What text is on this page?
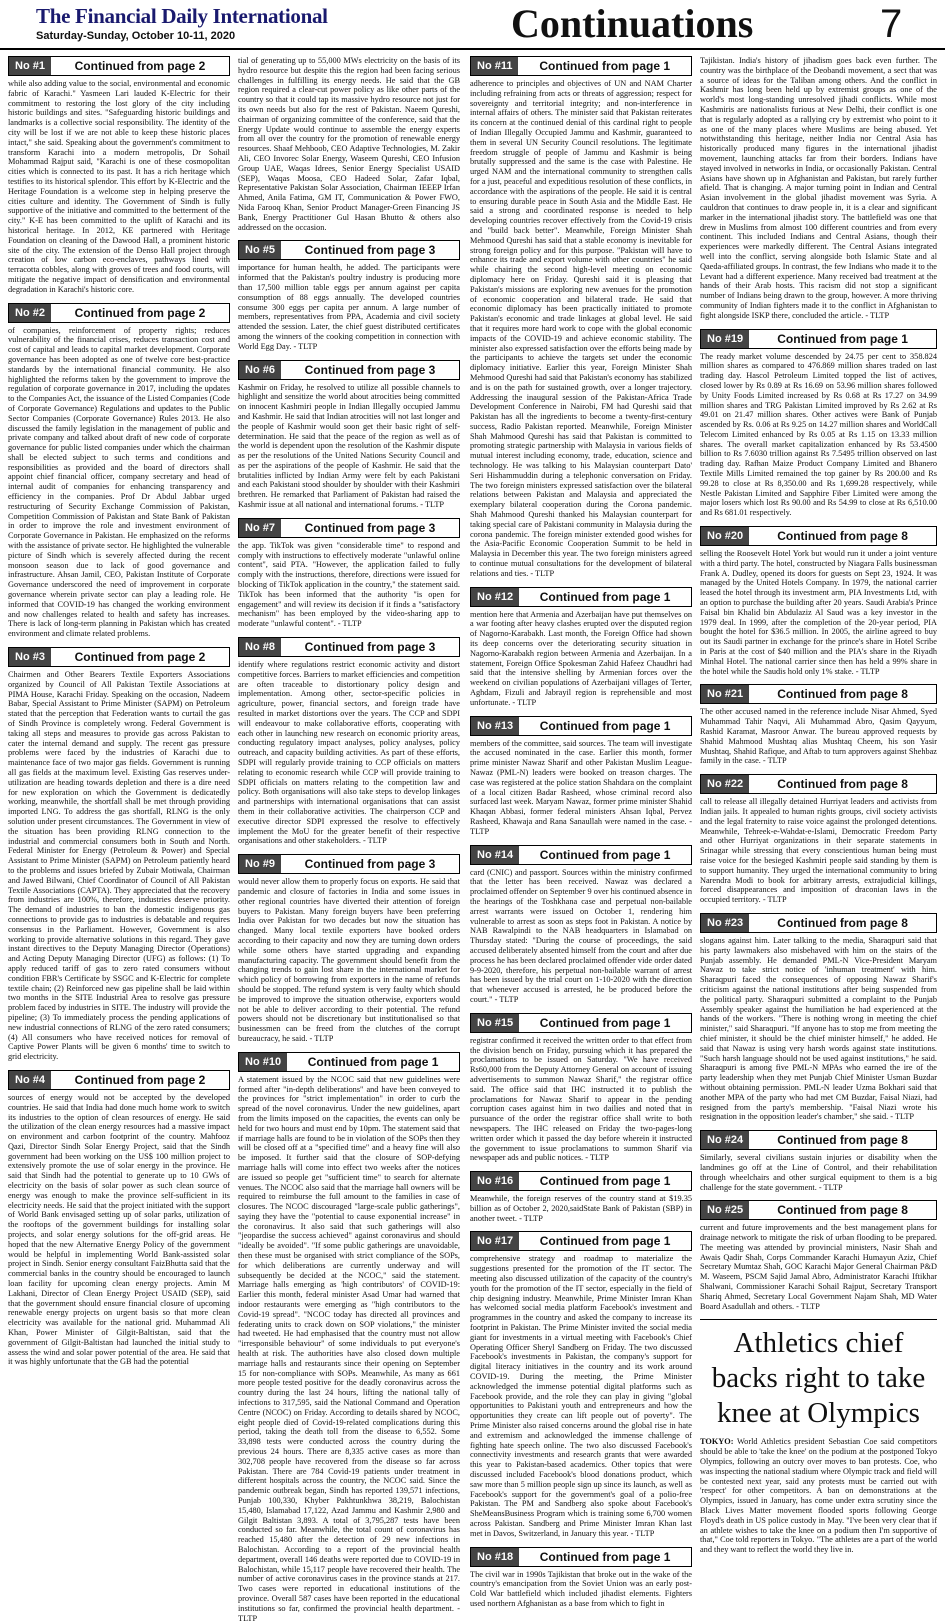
The Financial Daily International
Saturday-Sunday, October 10-11, 2020	Continuations	7
No #1	Continued from page 2
while also adding value to the social, environmental and economic fabric of Karachi." Yasmeen Lari lauded K-Electric for their commitment to restoring the lost glory of the city including historic buildings and sites. "Safeguarding historic buildings and landmarks is a collective social responsibility. The identity of the city will be lost if we are not able to keep these historic places intact," she said. Speaking about the government's commitment to transform Karachi into a modern metropolis, Dr Sohail Mohammad Rajput said, "Karachi is one of these cosmopolitan cities which is connected to its past. It has a rich heritage which testifies to its historical splendor. This effort by K-Electric and the Heritage Foundation is a welcome step in helping preserve the cities culture and identity. The Government of Sindh is fully supportive of the initiative and committed to the betterment of the city." K-E has been committed to the uplift of Karachi and its historical heritage. In 2012, KE partnered with Heritage Foundation on cleaning of the Dawood Hall, a prominent historic site of the city. The extension of the Denso Hall project through creation of low carbon eco-enclaves, pathways lined with terracotta cobbles, along with groves of trees and food courts, will mitigate the negative impact of densification and environmental degradation in Karachi's historic core.
No #2	Continued from page 2
of companies, reinforcement of property rights; reduces vulnerability of the financial crises, reduces transaction cost and cost of capital and leads to capital market development. Corporate governance has been adopted as one of twelve core best-practice standards by the international financial community. He also highlighted the reforms taken by the government to improve the regulation of corporate governance in 2017, including the updates to the Companies Act, the issuance of the Listed Companies (Code of Corporate Governance) Regulations and updates to the Public Sector Companies (Corporate Governance) Rules 2013. He also discussed the family legislation in the management of public and private company and talked about draft of new code of corporate governance for public listed companies under which the chairman shall be elected subject to such terms and conditions and responsibilities as provided and the board of directors shall appoint chief financial officer, company secretary and head of internal audit of companies for enhancing transparency and efficiency in the companies. Prof Dr Abdul Jabbar urged restructuring of Security Exchange Commission of Pakistan, Competition Commission of Pakistan and State Bank of Pakistan in order to improve the role and investment environment of Corporate Governance in Pakistan. He emphasized on the reforms with the assistance of private sector. He highlighted the vulnerable picture of Sindh which is severely affected during the recent monsoon season due to lack of good governance and infrastructure. Ahsan Jamil, CEO, Pakistan Institute of Corporate Governance underscored the need of improvement in corporate governance wherein private sector can play a leading role. He informed that COVID-19 has changed the working environment and now challenges related to health and safety has increases. There is lack of long-term planning in Pakistan which has created environment and climate related problems.
No #3	Continued from page 2
Chairmen and Other Bearers Textile Exporters Associations organized by Council of All Pakistan Textile Associations at PIMA House, Karachi Friday. Speaking on the occasion, Nadeem Babar, Special Assistant to Prime Minister (SAPM) on Petroleum stated that the perception that Federation wants to curtail the gas of Sindh Province is completely wrong. Federal Government is taking all steps and measures to provide gas across Pakistan to cater the internal demand and supply. The recent gas pressure problems were faced by the industries of Karachi due to maintenance face of two major gas fields. Government is running all gas fields at the maximum level. Existing Gas reserves under-utilization are heading towards depletion and there is a dire need for new exploration on which the Government is dedicatedly working, meanwhile, the shortfall shall be met through providing imported LNG. To address the gas shortfall, RLNG is the only solution under present circumstances. The Government in view of the situation has been providing RLNG connection to the industrial and commercial consumers both in South and North. Federal Minister for Energy (Petroleum & Power) and Special Assistant to Prime Minister (SAPM) on Petroleum patiently heard to the problems and issues briefed by Zubair Motiwala, Chairman and Jawed Bilwani, Chief Coordinator of Council of All Pakistan Textile Associations (CAPTA). They appreciated that the recovery from industries are 100%, therefore, industries deserve priority. The demand of industries to ban the domestic indigenous gas connections to provide gas to industries is debatable and requires consensus in the Parliament. However, Government is also working to provide alternative solutions in this regard. They gave instant directives to the Deputy Managing Director (Operations) and Acting Deputy Managing Director (UFG) as follows: (1) To apply reduced tariff of gas to zero rated consumers without condition FBR's Certificate by SSGC and K-Electric for complete textile chain; (2) Reinforced new gas pipeline shall be laid within two months in the SITE Industrial Area to resolve gas pressure problem faced by industries in SITE. The industry will provide the pipeline; (3) To immediately process the pending applications of new industrial connections of RLNG of the zero rated consumers; (4) All consumers who have received notices for removal of Captive Power Plants will be given 6 months' time to switch to grid electricity.
No #4	Continued from page 2
sources of energy would not be accepted by the developed countries. He said that India had done much home work to switch its industries to the option of clean resources of energy. He said the utilization of the clean energy resources had a massive impact on environment and carbon footprint of the country. Mahfooz Qazi, Director Sindh Solar Energy Project, said that the Sindh government had been working on the US$ 100 million project to extensively promote the use of solar energy in the province. He said that Sindh had the potential to generate up to 10 GWs of electricity on the basis of solar power as such clean source of energy was enough to make the province self-sufficient in its electricity needs. He said that the project initiated with the support of World Bank envisaged setting up of solar parks, utilization of the rooftops of the government buildings for installing solar projects, and solar energy solutions for the off-grid areas. He hoped that the new Alternative Energy Policy of the government would be helpful in implementing World Bank-assisted solar project in Sindh. Senior energy consultant FaizBhutta said that the commercial banks in the country should be encouraged to launch loan facility for upcoming clean energy projects. Amin M Lakhani, Director of Clean Energy Project USAID (SEP), said that the government should ensure financial closure of upcoming renewable energy projects on urgent basis so that more clean electricity was available for the national grid. Muhammad Ali Khan, Power Minister of Gilgit-Baltistan, said that the government of Gilgit-Baltistan had launched the initial study to assess the wind and solar power potential of the area. He said that it was highly unfortunate that the GB had the potential
tial of generating up to 55,000 MWs electricity on the basis of its hydro resource but despite this the region had been facing serious challenges in fulfilling its energy needs. He said that the GB region required a clear-cut power policy as like other parts of the country so that it could tap its massive hydro resource not just for its own needs but also for the rest of Pakistan. Naeem Qureshi, chairman of organizing committee of the conference, said that the Energy Update would continue to assemble the energy experts from all over the country for the promotion of renewable energy resources. Shaaf Mehboob, CEO Adaptive Technologies, M. Zakir Ali, CEO Invorec Solar Energy, Waseem Qureshi, CEO Infusion Group UAE, Waqas Idrees, Senior Energy Specialist USAID (SEP), Waqas Moosa, CEO Hadeed Solar, Zafar Iqbal, Representative Pakistan Solar Association, Chairman IEEEP Irfan Ahmed, Anila Fatima, GM IT, Communication & Power FWO, Nida Farooq Khan, Senior Product Manager-Green Financing JS Bank, Energy Practitioner Gul Hasan Bhutto & others also addressed on the occasion.
No #5	Continued from page 3
importance for human health, he added. The participants were informed that the Pakistan's poultry industry is producing more than 17,500 million table eggs per annum against per capita consumption of 88 eggs annually. The developed countries consume 300 eggs per capita per annum. A large number of members, representatives from PPA, Academia and civil society attended the session. Later, the chief guest distributed certificates among the winners of the cooking competition in connection with World Egg Day. - TLTP
No #6	Continued from page 3
Kashmir on Friday, he resolved to utilize all possible channels to highlight and sensitize the world about atrocities being committed on innocent Kashmiri people in Indian Illegally occupied Jammu and Kashmir. He said that Indian atrocities will not last longer and the people of Kashmir would soon get their basic right of self-determination. He said that the peace of the region as well as of the world is dependent upon the resolution of the Kashmir dispute as per the resolutions of the United Nations Security Council and as per the aspirations of the people of Kashmir. He said that the brutalities inflicted by Indian Army were felt by each Pakistani and each Pakistani stood shoulder by shoulder with their Kashmiri brethren. He remarked that Parliament of Pakistan had raised the Kashmir issue at all national and international forums. - TLTP
No #7	Continued from page 3
the app. TikTok was given "considerable time" to respond and comply with instructions to effectively moderate "unlawful online content", said PTA. "However, the application failed to fully comply with the instructions, therefore, directions were issued for blocking of TikTok application in the country," the statement said. TikTok has been informed that the authority "is open for engagement" and will review its decision if it finds a "satisfactory mechanism" has been employed by the video-sharing app to moderate "unlawful content". - TLTP
No #8	Continued from page 3
identify where regulations restrict economic activity and distort competitive forces. Barriers to market efficiencies and competition are often traceable to distortionary policy design and implementation. Among other, sector-specific policies in agriculture, power, financial sectors, and foreign trade have resulted in market distortions over the years. The CCP and SDPI will endeavour to make collaborative efforts, cooperating with each other in launching new research on economic priority areas, conducting regulatory impact analyses, policy analyses, policy outreach, and capacity building activities. As part of these efforts, SDPI will regularly provide training to CCP officials on matters relating to economic research while CCP will provide training to SDPI officials on matters relating to the competition law and policy. Both organisations will also take steps to develop linkages and partnerships with international organisations that can assist them in their collaborative activities. The chairperson CCP and executive director SDPI expressed the resolve to effectively implement the MoU for the greater benefit of their respective organisations and other stakeholders. - TLTP
No #9	Continued from page 3
would never allow them to properly focus on exports. He said that pandemic and closure of factories in India and some issues in other regional countries have diverted their attention of foreign buyers to Pakistan. Many foreign buyers have been preferring India over Pakistan for two decades but now the situation has changed. Many local textile exporters have booked orders according to their capacity and now they are turning down orders while some others have started upgrading and expanding manufacturing capacity. The government should benefit from the changing trends to gain lost share in the international market for which policy of borrowing from exporters in the name of refunds should be stopped. The refund system is very faulty which should be improved to improve the situation otherwise, exporters would not be able to deliver according to their potential. The refund powers should not be discretionary but institutionalised so that businessmen can be freed from the clutches of the corrupt bureaucracy, he said. - TLTP
No #10	Continued from page 1
A statement issued by the NCOC said that new guidelines were formed after "in-depth deliberations" and have been conveyed to the provinces for "strict implementation" in order to curb the spread of the novel coronavirus. Under the new guidelines, apart from the limits imposed on the capacities, the events can only be held for two hours and must end by 10pm. The statement said that if marriage halls are found to be in violation of the SOPs then they will be closed off at a "specified time" and a heavy fine will also be imposed. It further said that the closure of SOP-defying marriage halls will come into effect two weeks after the notices are issued so people get "sufficient time" to search for alternate venues. The NCOC also said that the marriage hall owners will be required to reimburse the full amount to the families in case of closures. The NCOC discouraged "large-scale public gatherings", saying they have the "potential to cause exponential increase" in the coronavirus. It also said that such gatherings will also "jeopardise the success achieved" against coronavirus and should "ideally be avoided". "If some public gatherings are unavoidable, then these must be organised with strict compliance of the SOPs, for which deliberations are currently underway and will subsequently be decided at the NCOC," said the statement. Marriage halls emerging as 'high contributors' of COVID-19: Earlier this month, federal minister Asad Umar had warned that indoor restaurants were emerging as "high contributors to the Covid-19 spread". "NCOC today has directed all provinces and federating units to crack down on SOP violations," the minister had tweeted. He had emphasised that the country must not allow "irresponsible behaviour" of some individuals to put everyone's health at risk. The authorities have also closed down multiple marriage halls and restaurants since their opening on September 15 for non-compliance with SOPs. Meanwhile, As many as 661 more people tested positive for the deadly coronavirus across the country during the last 24 hours, lifting the national tally of infections to 317,595, said the National Command and Operation Centre (NCOC) on Friday. According to details shared by NCOC, eight people died of Covid-19-related complications during this period, taking the death toll from the disease to 6,552. Some 33,898 tests were conducted across the country during the previous 24 hours. There are 8,335 active cases as more than 302,708 people have recovered from the disease so far across Pakistan. There are 784 Covid-19 patients under treatment in different hospitals across the country, the NCOC said. Since the pandemic outbreak began, Sindh has reported 139,571 infections, Punjab 100,330, Khyber Pakhtunkhwa 38,219, Balochistan 15,480, Islamabad 17,122, Azad Jammu and Kashmir 2,980 and Gilgit Baltistan 3,893. A total of 3,795,287 tests have been conducted so far. Meanwhile, the total count of coronavirus has reached 15,480 after the detection of 29 new infections in Balochistan. According to a report of the provincial health department, overall 146 deaths were reported due to COVID-19 in Balochistan, while 15,117 people have recovered their health. The number of active coronavirus cases in the province stands at 217. Two cases were reported in educational institutions of the province. Overall 587 cases have been reported in the educational institutions so far, confirmed the provincial health department. - TLTP
No #11	Continued from page 1
adherence to principles and objectives of UN and NAM Charter including refraining from acts or threats of aggression; respect for sovereignty and territorial integrity; and non-interference in internal affairs of others. The minister said that Pakistan reiterates its concern at the continued denial of this cardinal right to people of Indian Illegally Occupied Jammu and Kashmir, guaranteed to them in several UN Security Council resolutions. The legitimate freedom struggle of people of Jammu and Kashmir is being brutally suppressed and the same is the case with Palestine. He urged NAM and the international community to strengthen calls for a just, peaceful and expeditious resolution of these conflicts, in accordance with the aspirations of the people. He said it is central to ensuring durable peace in South Asia and the Middle East. He said a strong and coordinated response is needed to help developing countries recover effectively from the Covid-19 crisis and "build back better". Meanwhile, Foreign Minister Shah Mehmood Qureshi has said that a stable economy is inevitable for strong foreign policy and for this purpose. "Pakistan will have to enhance its trade and export volume with other countries" he said while chairing the second high-level meeting on economic diplomacy here on Friday. Qureshi said it is pleasing that Pakistan's missions are exploring new avenues for the promotion of economic cooperation and bilateral trade. He said that economic diplomacy has been practically initiated to promote Pakistan's economic and trade linkages at global level. He said that it requires more hard work to cope with the global economic impacts of the COVID-19 and achieve economic stability. The minister also expressed satisfaction over the efforts being made by the participants to achieve the targets set under the economic diplomacy initiative. Earlier this year, Foreign Minister Shah Mehmood Qureshi had said that Pakistan's economy has stabilized and is on the path for sustained growth, over a longer trajectory. Addressing the inaugural session of the Pakistan-Africa Trade Development Conference in Nairobi, FM had Qureshi said that Pakistan has all the ingredients to become a twenty-first-century success, Radio Pakistan reported. Meanwhile, Foreign Minister Shah Mahmood Qureshi has said that Pakistan is committed to promoting strategic partnership with Malaysia in various fields of mutual interest including economy, trade, education, science and technology. He was talking to his Malaysian counterpart Dato' Seri Hishammuddin during a telephonic conversation on Friday. The two foreign ministers expressed satisfaction over the bilateral relations between Pakistan and Malaysia and appreciated the exemplary bilateral cooperation during the Corona pandemic. Shah Mahmood Qureshi thanked his Malaysian counterpart for taking special care of Pakistani community in Malaysia during the corona pandemic. The foreign minister extended good wishes for the Asia-Pacific Economic Cooperation Summit to be held in Malaysia in December this year. The two foreign ministers agreed to continue mutual consultations for the development of bilateral relations and ties. - TLTP
No #12	Continued from page 1
mention here that Armenia and Azerbaijan have put themselves on a war footing after heavy clashes erupted over the disputed region of Nagorno-Karabakh. Last month, the Foreign Office had shown its deep concerns over the deteriorating security situation in Nagorno-Karabakh region between Armenia and Azerbaijan. In a statement, Foreign Office Spokesman Zahid Hafeez Chaudhri had said that the intensive shelling by Armenian forces over the weekend on civilian populations of Azerbaijani villages of Terter, Aghdam, Fizuli and Jabrayil region is reprehensible and most unfortunate. - TLTP
No #13	Continued from page 1
members of the committee, said sources. The team will investigate the accused nominated in the case. Earlier this month, former prime minister Nawaz Sharif and other Pakistan Muslim League-Nawaz (PML-N) leaders were booked on treason charges. The case was registered at the police station Shahdara on the complaint of a local citizen Badar Rasheed, whose criminal record also surfaced last week. Maryam Nawaz, former prime minister Shahid Khaqan Abbasi, former federal ministers Ahsan Iqbal, Pervez Rasheed, Khawaja and Rana Sanaullah were named in the case. - TLTP
No #14	Continued from page 1
card (CNIC) and passport. Sources within the ministry confirmed that the letter has been received. Nawaz was declared a proclaimed offender on September 9 over his continued absence in the hearings of the Toshkhana case and perpetual non-bailable arrest warrants were issued on October 1, rendering him vulnerable to arrest as soon as steps foot in Pakistan. A notice by NAB Rawalpindi to the NAB headquarters in Islamabad on Thursday stated: "During the course of proceedings, the said accused deliberately absented himself from the court and after due process he has been declared proclaimed offender vide order dated 9-9-2020, therefore, his perpetual non-bailable warrant of arrest has been issued by the trial court on 1-10-2020 with the direction that whenever accused is arrested, he be produced before the court." - TLTP
No #15	Continued from page 1
registrar confirmed it received the written order to that effect from the division bench on Friday, pursuing which it has prepared the proclamations to be issued on Saturday. "We have received Rs60,000 from the Deputy Attorney General on account of issuing advertisements to summon Nawaz Sharif," the registrar office said. The office said that IHC instructed it to publish the proclamations for Nawaz Sharif to appear in the pending corruption cases against him in two dailies and noted that in pursuance of the order the registrar office shall write to both newspapers. The IHC released on Friday the two-pages-long written order which it passed the day before wherein it instructed the government to issue proclamations to summon Sharif via newspaper ads and public notices. - TLTP
No #16	Continued from page 1
Meanwhile, the foreign reserves of the country stand at $19.35 billion as of October 2, 2020,saidState Bank of Pakistan (SBP) in another tweet. - TLTP
No #17	Continued from page 1
comprehensive strategy and roadmap to materialize the suggestions presented for the promotion of the IT sector. The meeting also discussed utilization of the capacity of the country's youth for the promotion of the IT sector, especially in the field of chip designing industry. Meanwhile, Prime Minister Imran Khan has welcomed social media platform Facebook's investment and programmes in the country and asked the company to increase its footprint in Pakistan. The Prime Minister invited the social media giant for investments in a virtual meeting with Facebook's Chief Operating Officer Sheryl Sandberg on Friday. The two discussed Facebook's investments in Pakistan, the company's support for digital literacy initiatives in the country and its work around COVID-19. During the meeting, the Prime Minister acknowledged the immense potential digital platforms such as Facebook provide, and the role they can play in giving "global opportunities to Pakistani youth and entrepreneurs and how the opportunities they create can lift people out of poverty". The Prime Minister also raised concerns around the global rise in hate and extremism and acknowledged the immense challenge of fighting hate speech online. The two also discussed Facebook's connectivity investments and research grants that were awarded this year to Pakistan-based academics. Other topics that were discussed included Facebook's blood donations product, which saw more than 5 million people sign up since its launch, as well as Facebook's support for the government's goal of a polio-free Pakistan. The PM and Sandberg also spoke about Facebook's SheMeansBusiness Program which is training some 6,700 women across Pakistan. Sandberg and Prime Minister Imran Khan last met in Davos, Switzerland, in January this year. - TLTP
No #18	Continued from page 1
The civil war in 1990s Tajikistan that broke out in the wake of the country's emancipation from the Soviet Union was an early post-Cold War battlefield which included jihadist elements. Fighters used northern Afghanistan as a base from which to fight in
Tajikistan. India's history of jihadism goes back even further. The country was the birthplace of the Deobandi movement, a sect that was a source of ideas for the Taliban among others. And the conflict in Kashmir has long been held up by extremist groups as one of the world's most long-standing unresolved jihadi conflicts. While most Kashmiris are nationalists furious at New Delhi, their conflict is one that is regularly adopted as a rallying cry by extremist who point to it as one of the many places where Muslims are being abused. Yet notwithstanding this heritage, neither India nor Central Asia has historically produced many figures in the international jihadist movement, launching attacks far from their borders. Indians have stayed involved in networks in India, or occasionally Pakistan. Central Asians have shown up in Afghanistan and Pakistan, but rarely further afield. That is changing. A major turning point in Indian and Central Asian involvement in the global jihadist movement was Syria. A cauldron that continues to draw people in, it is a clear and significant marker in the international jihadist story. The battlefield was one that drew in Muslims from almost 100 different countries and from every continent. This included Indians and Central Asians, though their experiences were markedly different. The Central Asians integrated well into the conflict, serving alongside both Islamic State and al Qaeda-affiliated groups. In contrast, the few Indians who made it to the Levant had a different experience. Many received bad treatment at the hands of their Arab hosts. This racism did not stop a significant number of Indians being drawn to the group, however. A more thriving community of Indian fighters made it to the conflict in Afghanistan to fight alongside ISKP there, concluded the article. - TLTP
No #19	Continued from page 1
The ready market volume descended by 24.75 per cent to 358.824 million shares as compared to 476.869 million shares traded on last trading day. Hascol Petroleum Limited topped the list of actives, closed lower by Rs 0.89 at Rs 16.69 on 53.96 million shares followed by Unity Foods Limited increased by Rs 0.68 at Rs 17.27 on 34.99 million shares and TRG Pakistan Limited improved by Rs 2.62 at Rs 49.01 on 21.47 million shares. Other actives were Bank of Punjab ascended by Rs. 0.06 at Rs 9.25 on 14.27 million shares and WorldCall Telecom Limited enhanced by Rs 0.05 at Rs 1.15 on 13.33 million shares. The overall market capitalization enhanced by Rs 53.4500 billion to Rs 7.6030 trillion against Rs 7.5495 trillion observed on last trading day. Rafhan Maize Product Company Limited and Bhanero Textile Mills Limited remained the top gainer by Rs 200.00 and Rs 99.28 to close at Rs 8,350.00 and Rs 1,699.28 respectively, while Nestle Pakistan Limited and Sapphire Fiber Limited were among the major losers which lost Rs 90.00 and Rs 54.99 to close at Rs 6,510.00 and Rs 681.01 respectively.
No #20	Continued from page 8
selling the Roosevelt Hotel York but would run it under a joint venture with a third party. The hotel, constructed by Niagara Falls businessman Frank A. Dudley, opened its doors for guests on Sept 23, 1924. It was managed by the United Hotels Company. In 1979, the national carrier leased the hotel through its investment arm, PIA Investments Ltd, with an option to purchase the building after 20 years. Saudi Arabia's Prince Faisal bin Khalid bin Abdulaziz Al Saud was a key investor in the 1979 deal. In 1999, after the completion of the 20-year period, PIA bought the hotel for $36.5 million. In 2005, the airline agreed to buy out its Saudi partner in exchange for the prince's share in Hotel Scribe in Paris at the cost of $40 million and the PIA's share in the Riyadh Minhal Hotel. The national carrier since then has held a 99% share in the hotel while the Saudis hold only 1% stake. - TLTP
No #21	Continued from page 8
The other accused named in the reference include Nisar Ahmed, Syed Muhammad Tahir Naqvi, Ali Muhammad Abro, Qasim Qayyum, Rashid Karamat, Masroor Anwar. The bureau approved requests by Shahid Mahmood Mushtaq alias Mushtaq Cheem, his son Yasir Mushtaq, Shahid Rafique, and Aftab to turn approvers against Shehbaz family in the case. - TLTP
No #22	Continued from page 8
call to release all illegally detained Hurriyat leaders and activists from Indian jails. It appealed to human rights groups, civil society activists and the legal fraternity to raise voice against the prolonged detentions. Meanwhile, Tehreek-e-Wahdat-e-Islami, Democratic Freedom Party and other Hurriyat organizations in their separate statements in Srinagar while stressing that every conscientious human being must raise voice for the besieged Kashmiri people said standing by them is to support humanity. They urged the international community to bring Narendra Modi to book for arbitrary arrests, extrajudicial killings, forced disappearances and imposition of draconian laws in the occupied territory. - TLTP
No #23	Continued from page 8
slogans against him. Later talking to the media, Sharaqpuri said that his party lawmakers also misbehaved with him on the stairs of the Punjab assembly. He demanded PML-N Vice-President Maryam Nawaz to take strict notice of 'inhuman treatment' with him. Sharaqpuri faced the consequences of opposing Nawaz Sharif's criticism against the national institutions after being suspended from the political party. Sharaqpuri submitted a complaint to the Punjab Assembly speaker against the humiliation he had experienced at the hands of the workers. "There is nothing wrong in meeting the chief minister," said Sharaqpuri. "If anyone has to stop me from meeting the chief minister, it should be the chief minister himself," he added. He said that Nawaz is using very harsh words against state institutions. "Such harsh language should not be used against institutions," he said. Sharaqpuri is among five PML-N MPAs who earned the ire of the party leadership when they met Punjab Chief Minister Usman Buzdar without obtaining permission. PML-N leader Uzma Bokhari said that another MPA of the party who had met CM Buzdar, Faisal Niazi, had resigned from the party's membership. "Faisal Niazi wrote his resignation in the opposition leader's chamber," she said. - TLTP
No #24	Continued from page 8
Similarly, several civilians sustain injuries or disability when the landmines go off at the Line of Control, and their rehabilitation through wheelchairs and other surgical equipment to them is a big challenge for the state government. - TLTP
No #25	Continued from page 8
current and future improvements and the best management plans for drainage network to mitigate the risk of urban flooding to be prepared. The meeting was attended by provincial ministers, Nasir Shah and Awais Qadir Shah, Corps Commander Karachi Humayun Aziz, Chief Secretary Mumtaz Shah, GOC Karachi Major General Chairman P&D M. Waseem, PSCM Sajid Jamal Abro, Administrator Karachi Iftikhar Shalwani, Commissioner Karachi Sohail Rajput, Secretary Transport Shariq Ahmed, Secretary Local Government Najam Shah, MD Water Board Asadullah and others. - TLTP
Athletics chief backs right to take knee at Olympics
TOKYO: World Athletics president Sebastian Coe said competitors should be able to 'take the knee' on the podium at the postponed Tokyo Olympics, following an outcry over moves to ban protests. Coe, who was inspecting the national stadium where Olympic track and field will be contested next year, said any protests must be carried out with 'respect' for other competitors. A ban on demonstrations at the Olympics, issued in January, has come under extra scrutiny since the Black Lives Matter movement flooded sports following George Floyd's death in US police custody in May. "I've been very clear that if an athlete wishes to take the knee on a podium then I'm supportive of that," Coe told reporters in Tokyo. "The athletes are a part of the world and they want to reflect the world they live in.
